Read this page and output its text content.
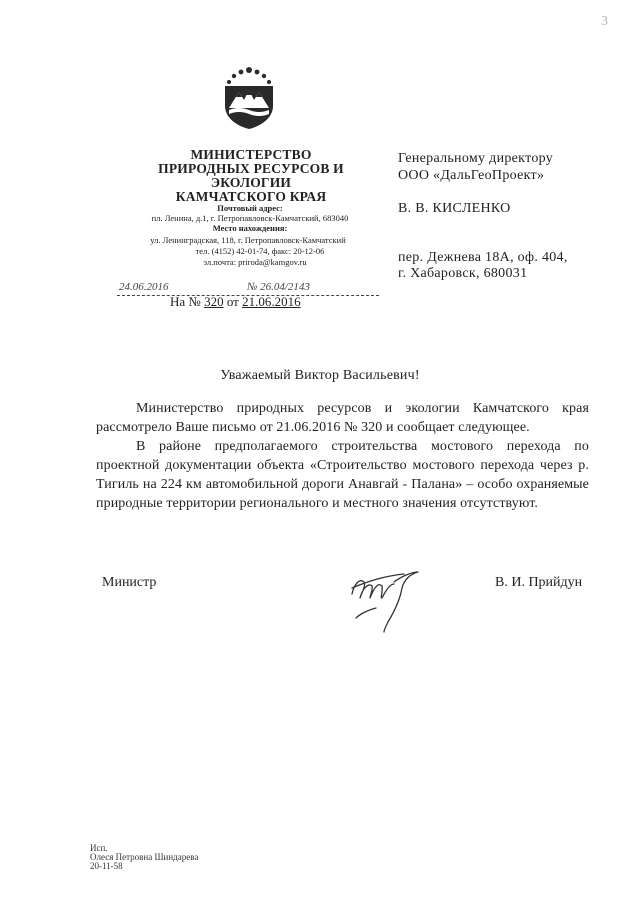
3
МИНИСТЕРСТВО
ПРИРОДНЫХ РЕСУРСОВ И ЭКОЛОГИИ
КАМЧАТСКОГО КРАЯ
Почтовый адрес:
пл. Ленина, д.1, г. Петропавловск-Камчатский, 683040
Место нахождения:
ул. Ленинградская, 118, г. Петропавловск-Камчатский
тел. (4152) 42-01-74, факс: 20-12-06
эл.почта: priroda@kamgov.ru
24.06.2016	№ 26.04/2143
На № 320 от 21.06.2016
Генеральному директору
ООО «ДальГеоПроект»
В. В. КИСЛЕНКО
пер. Дежнева 18А, оф. 404,
г. Хабаровск, 680031
Уважаемый Виктор Васильевич!
Министерство природных ресурсов и экологии Камчатского края рассмотрело Ваше письмо от 21.06.2016 № 320 и сообщает следующее.
В районе предполагаемого строительства мостового перехода по проектной документации объекта «Строительство мостового перехода через р. Тигиль на 224 км автомобильной дороги Анавгай - Палана» – особо охраняемые природные территории регионального и местного значения отсутствуют.
Министр	В. И. Прийдун
Исп.
Олеся Петровна Шиндарева
20-11-58
